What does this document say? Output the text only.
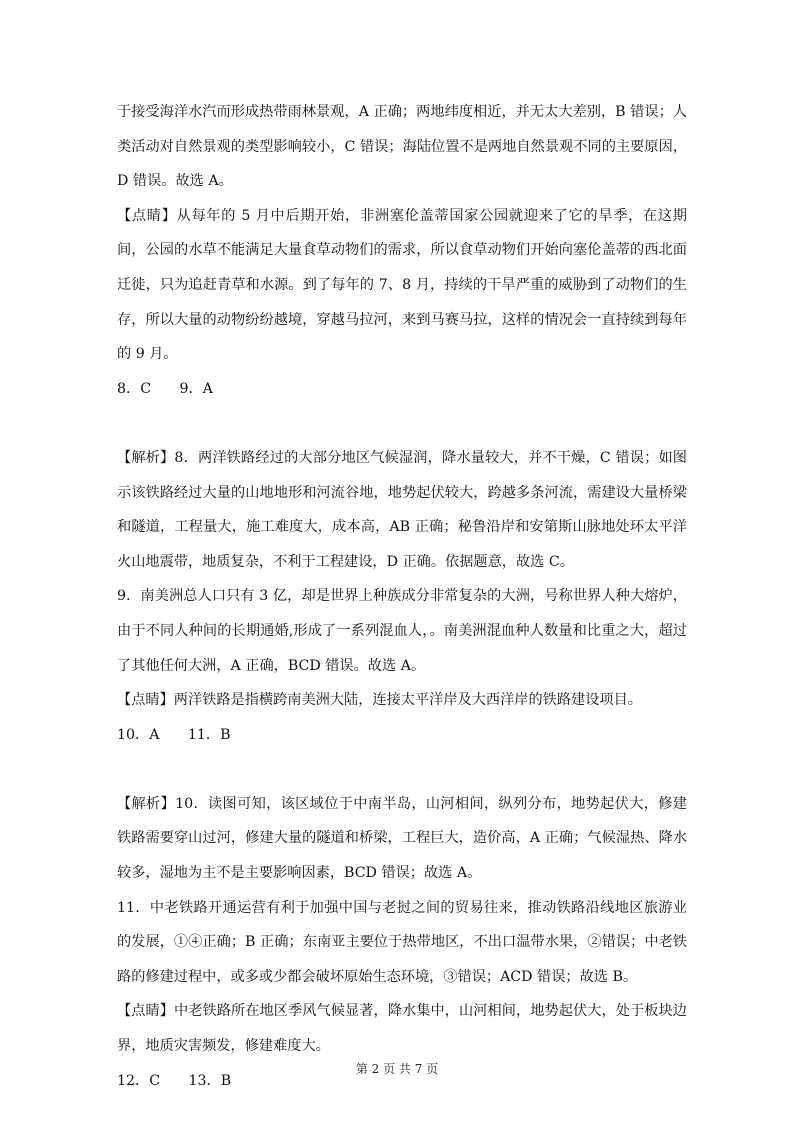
于接受海洋水汽而形成热带雨林景观，A 正确；两地纬度相近，并无太大差别，B 错误；人类活动对自然景观的类型影响较小，C 错误；海陆位置不是两地自然景观不同的主要原因，D 错误。故选 A。

【点睛】从每年的 5 月中后期开始，非洲塞伦盖蒂国家公园就迎来了它的旱季，在这期间，公园的水草不能满足大量食草动物们的需求，所以食草动物们开始向塞伦盖蒂的西北面迁徙，只为追赶青草和水源。到了每年的 7、8 月，持续的干旱严重的威胁到了动物们的生存，所以大量的动物纷纷越境，穿越马拉河，来到马赛马拉，这样的情况会一直持续到每年的 9 月。

8．C　　9．A

【解析】8．两洋铁路经过的大部分地区气候湿润，降水量较大，并不干燥，C 错误；如图示该铁路经过大量的山地地形和河流谷地，地势起伏较大，跨越多条河流，需建设大量桥梁和隧道，工程量大，施工难度大，成本高，AB 正确；秘鲁沿岸和安第斯山脉地处环太平洋火山地震带，地质复杂，不利于工程建设，D 正确。依据题意，故选 C。

9．南美洲总人口只有 3 亿，却是世界上种族成分非常复杂的大洲，号称世界人种大熔炉，由于不同人种间的长期通婚,形成了一系列混血人，。南美洲混血种人数量和比重之大，超过了其他任何大洲，A 正确，BCD 错误。故选 A。

【点睛】两洋铁路是指横跨南美洲大陆，连接太平洋岸及大西洋岸的铁路建设项目。

10．A　　11．B

【解析】10．读图可知，该区域位于中南半岛，山河相间，纵列分布，地势起伏大，修建铁路需要穿山过河，修建大量的隧道和桥梁，工程巨大，造价高，A 正确；气候湿热、降水较多，湿地为主不是主要影响因素，BCD 错误；故选 A。

11．中老铁路开通运营有利于加强中国与老挝之间的贸易往来，推动铁路沿线地区旅游业的发展，①④正确；B 正确；东南亚主要位于热带地区，不出口温带水果，②错误；中老铁路的修建过程中，或多或少都会破坏原始生态环境，③错误；ACD 错误；故选 B。

【点睛】中老铁路所在地区季风气候显著，降水集中，山河相间，地势起伏大，处于板块边界，地质灾害频发，修建难度大。

12．C　　13．B

第 2 页 共 7 页
